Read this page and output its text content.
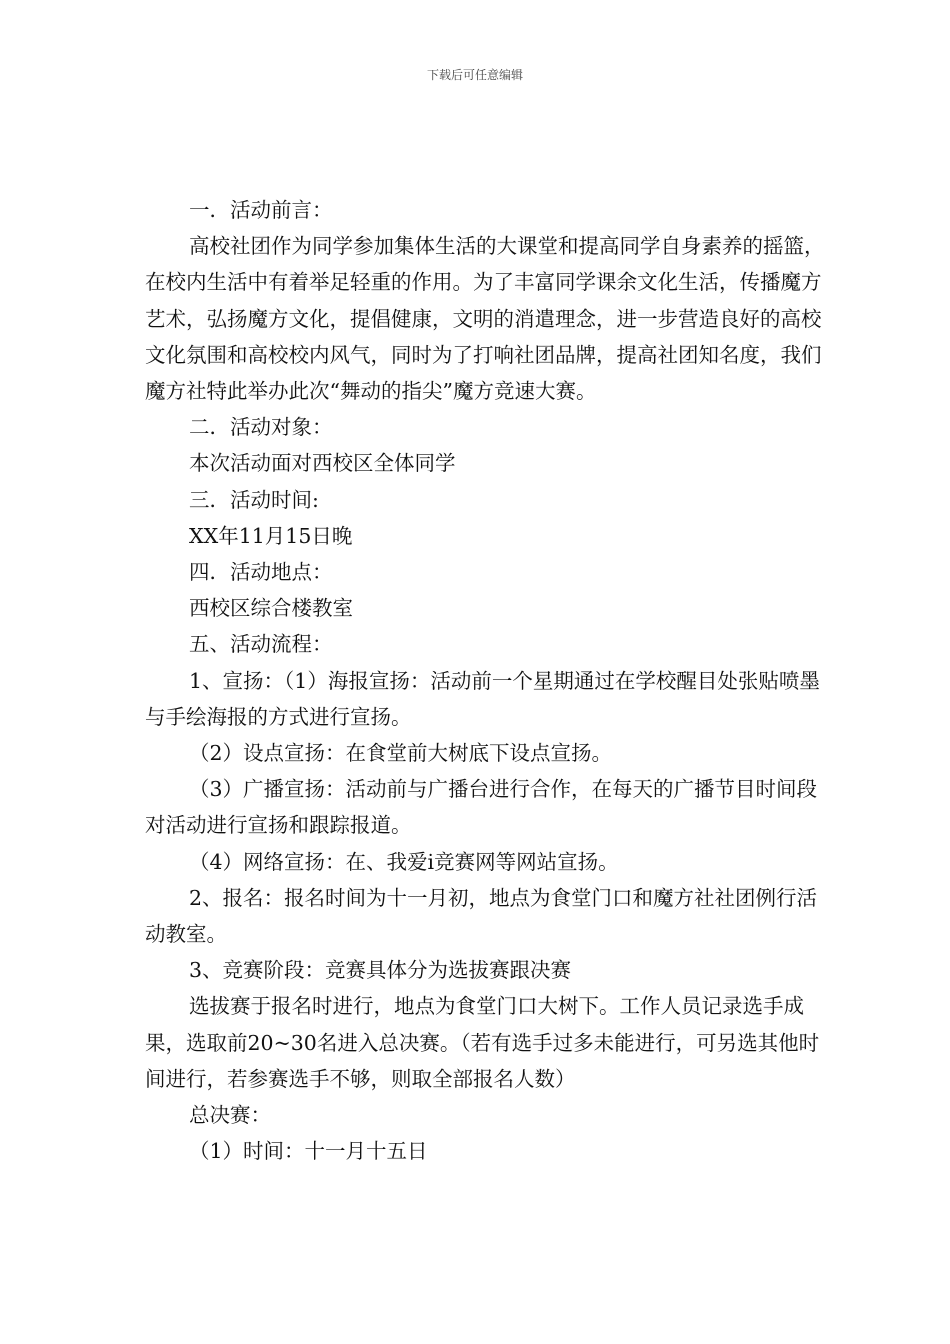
下载后可任意编辑

一．活动前言：

高校社团作为同学参加集体生活的大课堂和提高同学自身素养的摇篮，在校内生活中有着举足轻重的作用。为了丰富同学课余文化生活，传播魔方艺术，弘扬魔方文化，提倡健康，文明的消遣理念，进一步营造良好的高校文化氛围和高校校内风气，同时为了打响社团品牌，提高社团知名度，我们魔方社特此举办此次“舞动的指尖”魔方竞速大赛。

二．活动对象：

本次活动面对西校区全体同学

三．活动时间:

XX年11月15日晚

四．活动地点：

西校区综合楼教室

五、活动流程：

1、宣扬：（1）海报宣扬：活动前一个星期通过在学校醒目处张贴喷墨与手绘海报的方式进行宣扬。

（2）设点宣扬：在食堂前大树底下设点宣扬。

（3）广播宣扬：活动前与广播台进行合作，在每天的广播节目时间段对活动进行宣扬和跟踪报道。

（4）网络宣扬：在、我爱i竞赛网等网站宣扬。

2、报名：报名时间为十一月初，地点为食堂门口和魔方社社团例行活动教室。

3、竞赛阶段：竞赛具体分为选拔赛跟决赛

选拔赛于报名时进行，地点为食堂门口大树下。工作人员记录选手成果，选取前20~30名进入总决赛。（若有选手过多未能进行，可另选其他时间进行，若参赛选手不够，则取全部报名人数）

总决赛：

（1）时间：十一月十五日
